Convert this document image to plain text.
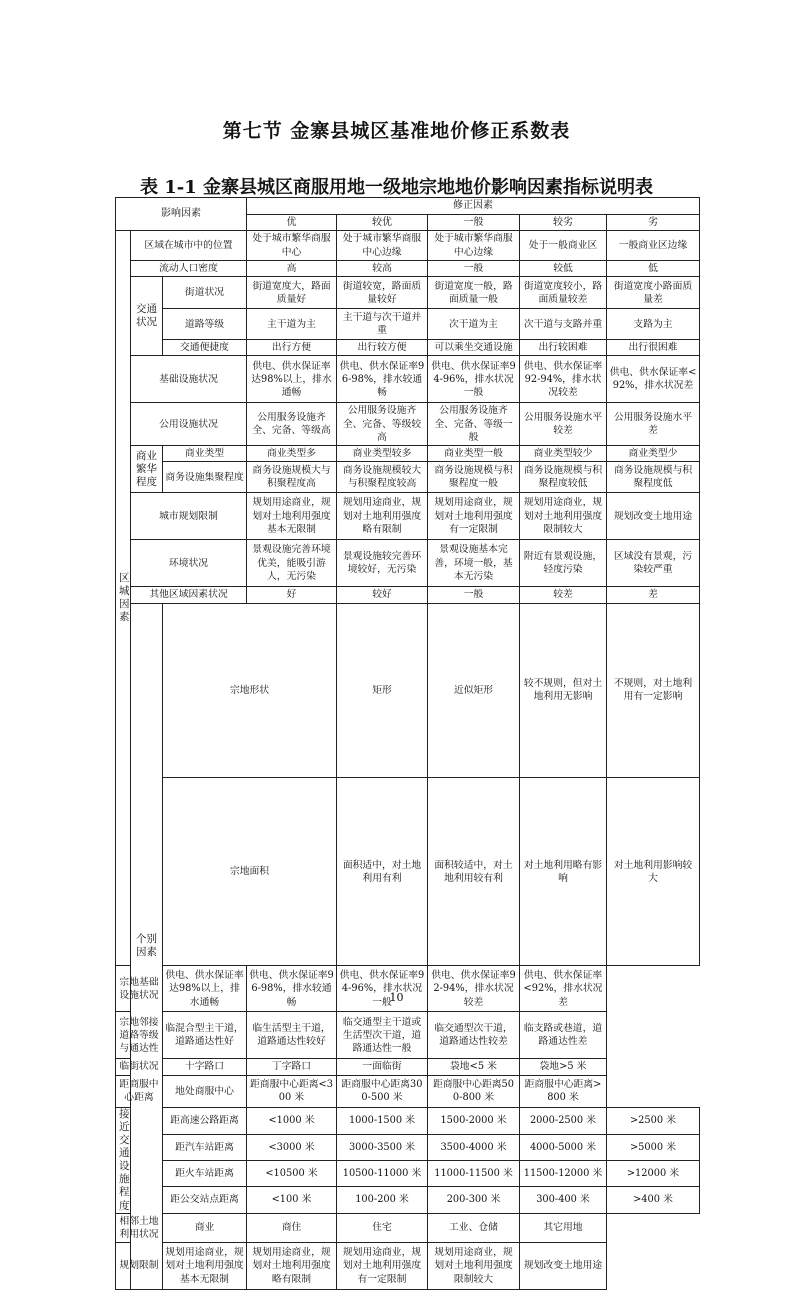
第七节 金寨县城区基准地价修正系数表
表 1-1 金寨县城区商服用地一级地宗地地价影响因素指标说明表
影响因素			修正因素					
			优	较优	一般	较劣	劣	
区城因素	区域在城市中的位置		处于城市繁华商服中心	处于城市繁华商服中心边缘	处于城市繁华商服中心边缘	处于一般商业区	一般商业区边缘	
	流动人口密度		高	较高	一般	较低	低	
	交通状况	街道状况	街道宽度大，路面质量好	街道较宽，路面质量较好	街道宽度一般，路面质量一般	街道宽度较小，路面质量较差	街道宽度小路面质量差	
		道路等级	主干道为主	主干道与次干道并重	次干道为主	次干道与支路并重	支路为主	
		交通便捷度	出行方便	出行较方便	可以乘坐交通设施	出行较困难	出行很困难	
	基础设施状况		供电、供水保证率达98%以上，排水通畅	供电、供水保证率96-98%，排水较通畅	供电、供水保证率94-96%，排水状况一般	供电、供水保证率92-94%，排水状况较差	供电、供水保证率<92%，排水状况差	
	公用设施状况		公用服务设施齐全、完备、等级高	公用服务设施齐全、完备、等级较高	公用服务设施齐全、完备、等级一般	公用服务设施水平较差	公用服务设施水平差	
	商业繁华程度	商业类型	商业类型多	商业类型较多	商业类型一般	商业类型较少	商业类型少	
		商务设施集聚程度	商务设施规模大与积聚程度高	商务设施规模较大与积聚程度较高	商务设施规模与积聚程度一般	商务设施规模与积聚程度较低	商务设施规模与积聚程度低	
	城市规划限制		规划用途商业，规划对土地利用强度基本无限制	规划用途商业，规划对土地利用强度略有限制	规划用途商业，规划对土地利用强度有一定限制	规划用途商业，规划对土地利用强度限制较大	规划改变土地用途	
	环境状况		景观设施完善环境优美，能吸引游人，无污染	景观设施较完善环境较好，无污染	景观设施基本完善，环境一般，基本无污染	附近有景观设施，轻度污染	区域没有景观，污染较严重	
	其他区域因素状况		好	较好	一般	较差	差	
	个别因素	宗地形状		矩形	近似矩形	较不规则，但对土地利用无影响	不规则，对土地利用有一定影响	
		宗地面积		面积适中，对土地利用有利	面积较适中，对土地利用较有利	对土地利用略有影响	对土地利用影响较大	
宗地基础设施状况		供电、供水保证率达98%以上，排水通畅	供电、供水保证率96-98%，排水较通畅	供电、供水保证率94-96%，排水状况一般	供电、供水保证率92-94%，排水状况较差	供电、供水保证率<92%，排水状况差		
宗地邻接道路等级与通达性		临混合型主干道，道路通达性好	临生活型主干道，道路通达性较好	临交通型主干道或生活型次干道，道路通达性一般	临交通型次干道，道路通达性较差	临支路或巷道，道路通达性差		
临街状况		十字路口	丁字路口	一面临街	袋地<5 米	袋地>5 米		
距商服中心距离		地处商服中心	距商服中心距离<300 米	距商服中心距离300-500 米	距商服中心距离500-800 米	距商服中心距离>800 米		
接近交通设施程度		距高速公路距离	<1000 米	1000-1500 米	1500-2000 米	2000-2500 米	>2500 米	
		距汽车站距离	<3000 米	3000-3500 米	3500-4000 米	4000-5000 米	>5000 米	
		距火车站距离	<10500 米	10500-11000 米	11000-11500 米	11500-12000 米	>12000 米	
		距公交站点距离	<100 米	100-200 米	200-300 米	300-400 米	>400 米	
相邻土地利用状况		商业	商住	住宅	工业、仓储	其它用地		
规划限制		规划用途商业，规划对土地利用强度基本无限制	规划用途商业，规划对土地利用强度略有限制	规划用途商业，规划对土地利用强度有一定限制	规划用途商业，规划对土地利用强度限制较大	规划改变土地用途		

10
